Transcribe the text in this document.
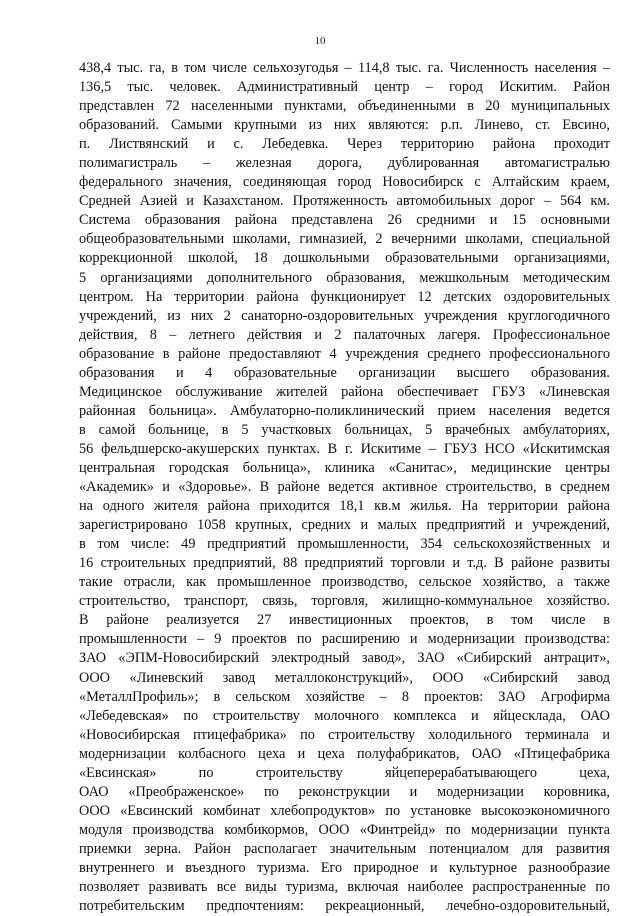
10
438,4 тыс. га, в том числе сельхозугодья – 114,8 тыс. га. Численность населения –
136,5 тыс. человек. Административный центр – город Искитим. Район
представлен 72 населенными пунктами, объединенными в 20 муниципальных
образований. Самыми крупными из них являются: р.п. Линево, ст. Евсино,
п. Листвянский и с. Лебедевка. Через территорию района проходит
полимагистраль – железная дорога, дублированная автомагистралью
федерального значения, соединяющая город Новосибирск с Алтайским краем,
Средней Азией и Казахстаном. Протяженность автомобильных дорог – 564 км.
Система образования района представлена 26 средними и 15 основными
общеобразовательными школами, гимназией, 2 вечерними школами, специальной
коррекционной школой, 18 дошкольными образовательными организациями,
5 организациями дополнительного образования, межшкольным методическим
центром. На территории района функционирует 12 детских оздоровительных
учреждений, из них 2 санаторно-оздоровительных учреждения круглогодичного
действия, 8 – летнего действия и 2 палаточных лагеря. Профессиональное
образование в районе предоставляют 4 учреждения среднего профессионального
образования и 4 образовательные организации высшего образования.
Медицинское обслуживание жителей района обеспечивает ГБУЗ «Линевская
районная больница». Амбулаторно-поликлинический прием населения ведется
в самой больнице, в 5 участковых больницах, 5 врачебных амбулаториях,
56 фельдшерско-акушерских пунктах. В г. Искитиме – ГБУЗ НСО «Искитимская
центральная городская больница», клиника «Санитас», медицинские центры
«Академик» и «Здоровье». В районе ведется активное строительство, в среднем
на одного жителя района приходится 18,1 кв.м жилья. На территории района
зарегистрировано 1058 крупных, средних и малых предприятий и учреждений,
в том числе: 49 предприятий промышленности, 354 сельскохозяйственных и
16 строительных предприятий, 88 предприятий торговли и т.д. В районе развиты
такие отрасли, как промышленное производство, сельское хозяйство, а также
строительство, транспорт, связь, торговля, жилищно-коммунальное хозяйство.
В районе реализуется 27 инвестиционных проектов, в том числе в
промышленности – 9 проектов по расширению и модернизации производства:
ЗАО «ЭПМ-Новосибирский электродный завод», ЗАО «Сибирский антрацит»,
ООО «Линевский завод металлоконструкций», ООО «Сибирский завод
«МеталлПрофиль»; в сельском хозяйстве – 8 проектов: ЗАО Агрофирма
«Лебедевская» по строительству молочного комплекса и яйцесклада, ОАО
«Новосибирская птицефабрика» по строительству холодильного терминала и
модернизации колбасного цеха и цеха полуфабрикатов, ОАО «Птицефабрика
«Евсинская» по строительству яйцеперерабатывающего цеха,
ОАО «Преображенское» по реконструкции и модернизации коровника,
ООО «Евсинский комбинат хлебопродуктов» по установке высокоэкономичного
модуля производства комбикормов, ООО «Финтрейд» по модернизации пункта
приемки зерна. Район располагает значительным потенциалом для развития
внутреннего и въездного туризма. Его природное и культурное разнообразие
позволяет развивать все виды туризма, включая наиболее распространенные по
потребительским предпочтениям: рекреационный, лечебно-оздоровительный,
